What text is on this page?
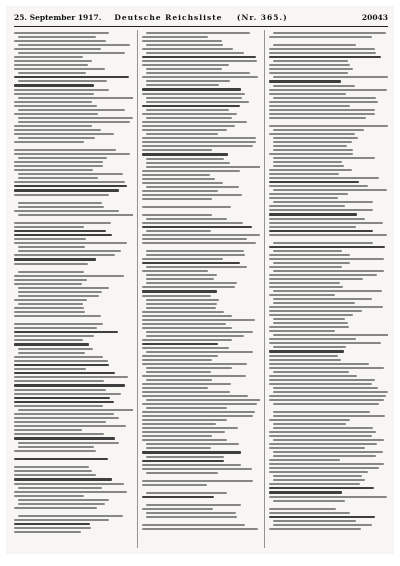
25. September 1917.	Deutsche Reichsliste (Nr. 365.)	20043
